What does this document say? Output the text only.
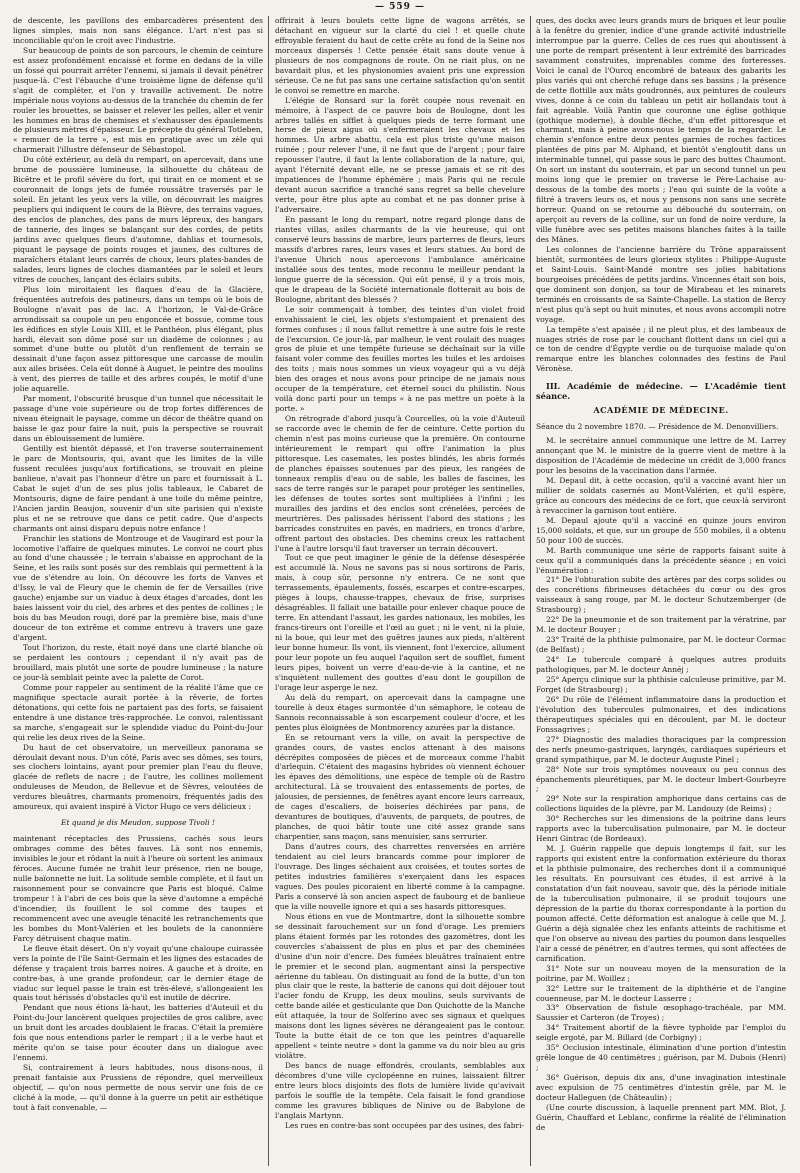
— 559 —

de descente, les pavillons des embarcadères présentent des lignes simples, mais non sans élégance. L'art n'est pas si inconciliable qu'on le croit avec l'industrie.

Sur beaucoup de points de son parcours, le chemin de ceinture est assez profondément encaissé et forme en dedans de la ville un fossé qui pourrait arrêter l'ennemi, si jamais il devait pénétrer jusque-là. C'est l'ébauche d'une troisième ligne de défense qu'il s'agit de compléter, et l'on y travaille activement. De notre impériale nous voyions au-dessus de la tranchée du chemin de fer rouler les brouettes, se baisser et relever les pelles, aller et venir les hommes en bras de chemises et s'exhausser des épaulements de plusieurs mètres d'épaisseur. Le précepte du général Totleben, « remuer de la terre », est mis en pratique avec un zèle qui charmerait l'illustre défenseur de Sébastopol.

Du côté extérieur, au delà du rempart, on apercevait, dans une brume de poussière lumineuse, la silhouette du château de Bicêtre et le profil sévère du fort, qui tirait en ce moment et se couronnait de longs jets de fumée roussâtre traversés par le soleil. En jetant les yeux vers la ville, on découvrait les maigres peupliers qui indiquent le cours de la Bièvre, des terrains vagues, des enclos de planches, des pans de murs lépreux, des hangars de tannerie, des linges se balançant sur des cordes, de petits jardins avec quelques fleurs d'automne, dahlias et tournesols, piquant le paysage de points rouges et jaunes, des cultures de maraîchers étalant leurs carrés de choux, leurs plates-bandes de salades, leurs lignes de cloches diamantées par le soleil et leurs vitres de couches, lançant des éclairs subits.

Plus loin miroitaient les flaques d'eau de la Glacière, fréquentées autrefois des patineurs, dans un temps où le bois de Boulogne n'avait pas de lac. A l'horizon, le Val-de-Grâce arrondissait sa coupole un peu engoncée et bossue, comme tous les édifices en style Louis XIII, et le Panthéon, plus élégant, plus hardi, élevait son dôme posé sur un diadème de colonnes ; au sommet d'une butte ou plutôt d'un renflement de terrain se dessinait d'une façon assez pittoresque une carcasse de moulin aux ailes brisées. Cela eût donné à Auguet, le peintre des moulins à vent, des pierres de taille et des arbres coupés, le motif d'une jolie aquarelle.

Par moment, l'obscurité brusque d'un tunnel que nécessitait le passage d'une voie supérieure ou de trop fortes différences de niveau éteignait le paysage, comme un décor de théâtre quand on baisse le gaz pour faire la nuit, puis la perspective se rouvrait dans un éblouissement de lumière.

Gentilly est bientôt dépassé, et l'on traverse souterrainement le parc de Montsouris, qui, avant que les limites de la ville fussent reculées jusqu'aux fortifications, se trouvait en pleine banlieue, n'avait pas l'honneur d'être un parc et fournissait à L. Cabat le sujet d'un de ses plus jolis tableaux, le Cabaret de Montsouris, digne de faire pendant à une toile du même peintre, l'Ancien jardin Beaujon, souvenir d'un site parisien qui n'existe plus et ne se retrouve que dans ce petit cadre. Que d'aspects charmants ont ainsi disparu depuis notre enfance !

Franchir les stations de Montrouge et de Vaugirard est pour la locomotive l'affaire de quelques minutes. Le convoi ne court plus au fond d'une chaussée ; le terrain s'abaisse en approchant de la Seine, et les rails sont posés sur des remblais qui permettent à la vue de s'étendre au loin. On découvre les forts de Vanves et d'Issy, le val de Fleury que le chemin de fer de Versailles (rive gauche) enjambe sur un viaduc à deux étages d'arcades, dont les baies laissent voir du ciel, des arbres et des pentes de collines ; le bois du bas Meudon rougi, doré par la première bise, mais d'une douceur de ton extrême et comme entrevu à travers une gaze d'argent.

Tout l'horizon, du reste, était noyé dans une clarté blanche où se perdaient les contours ; cependant il n'y avait pas de brouillard, mais plutôt une sorte de poudre lumineuse ; la nature ce jour-là semblait peinte avec la palette de Corot.

Comme pour rappeler au sentiment de la réalité l'âme que ce magnifique spectacle aurait portée à la rêverie, de fortes détonations, qui cette fois ne partaient pas des forts, se faisaient entendre à une distance très-rapprochée. Le convoi, ralentissant sa marche, s'engageait sur le splendide viaduc du Point-du-Jour qui relie les deux rives de la Seine.

Du haut de cet observatoire, un merveilleux panorama se déroulait devant nous. D'un côté, Paris avec ses dômes, ses tours, ses clochers lointains, ayant pour premier plan l'eau du fleuve, glacée de reflets de nacre ; de l'autre, les collines mollement onduleuses de Meudon, de Bellevue et de Sèvres, veloutées de verdures bleuâtres, charmants promenoirs, fréquentés jadis des amoureux, qui avaient inspiré à Victor Hugo ce vers délicieux :

Et quand je dis Meudon, suppose Tivoli !

maintenant réceptacles des Prussiens, cachés sous leurs ombrages comme des bêtes fauves. Là sont nos ennemis, invisibles le jour et rôdant la nuit à l'heure où sortent les animaux féroces. Aucune fumée ne trahit leur présence, rien ne bouge, nulle baïonnette ne luit. La solitude semble complète, et il faut un raisonnement pour se convaincre que Paris est bloqué. Calme trompeur ! à l'abri de ces bois que la sève d'automne a empêché d'incendier, ils fouillent le sol comme des taupes et recommencent avec une aveugle ténacité les retranchements que les bombes du Mont-Valérien et les boulets de la canonnière Farcy détruisent chaque matin.

Le fleuve était désert. On n'y voyait qu'une chaloupe cuirassée vers la pointe de l'île Saint-Germain et les lignes des estacades de défense y traçaient trois barres noires. A gauche et à droite, en contre-bas, à une grande profondeur, car le dernier étage de viaduc sur lequel passe le train est très-élevé, s'allongeaient les quais tout hérissés d'obstacles qu'il est inutile de décrire.

Pendant que nous étions là-haut, les batteries d'Auteuil et du Point-du-Jour lancèrent quelques projectiles de gros calibre, avec un bruit dont les arcades doublaient le fracas. C'était la première fois que nous entendions parler le rempart ; il a le verbe haut et mérite qu'on se taise pour écouter dans un dialogue avec l'ennemi.

Si, contrairement à leurs habitudes, nous disons-nous, il prenait fantaisie aux Prussiens de répondre, quel merveilleux objectif, — qu'on nous permette de nous servir une fois de ce cliché à la mode, — qu'il donne à la guerre un petit air esthétique tout à fait convenable, —

offrirait à leurs boulets cette ligne de wagons arrêtés, se détachant en vigueur sur la clarté du ciel ! et quelle chute effroyable feraient du haut de cette crête au fond de la Seine nos morceaux dispersés ! Cette pensée était sans doute venue à plusieurs de nos compagnons de route. On ne riait plus, on ne bavardait plus, et les physionomies avaient pris une expression sérieuse. Ce ne fut pas sans une certaine satisfaction qu'on sentit le convoi se remettre en marche.

L'élégie de Ronsard sur la forêt coupée nous revenait en mémoire, à l'aspect de ce pauvre bois de Boulogne, dont les arbres tallés en sifflet à quelques pieds de terre formant une herse de pieux aigus où s'enfermeraient les chevaux et les hommes. Un arbre abattu, cela est plus triste qu'une maison ruinée ; pour relever l'une, il ne faut que de l'argent ; pour faire repousser l'autre, il faut la lente collaboration de la nature, qui, ayant l'éternité devant elle, ne se presse jamais et se rit des impatiences de l'homme éphémère ; mais Paris qui ne recule devant aucun sacrifice a tranché sans regret sa belle chevelure verte, pour être plus apte au combat et ne pas donner prise à l'adversaire.

En passant le long du rempart, notre regard plonge dans de riantes villas, asiles charmants de la vie heureuse, qui ont conservé leurs bassins de marbre, leurs parterres de fleurs, leurs massifs d'arbres rares, leurs vases et leurs statues. Au bord de l'avenue Uhrich nous apercevons l'ambulance américaine installée sous des tentes, mode reconnu le meilleur pendant la longue guerre de la sécession. Qui eût pensé, il y a trois mois, que le drapeau de la Société internationale flotterait au bois de Boulogne, abritant des blessés ?

Le soir commençait à tomber, des teintes d'un violet froid envahissaient le ciel, les objets s'estompaient et prenaient des formes confuses ; il nous fallut remettre à une autre fois le reste de l'excursion. Ce jour-là, par malheur, le vent roulait des nuages gros de pluie et une tempête furieuse se déchaînait sur la ville faisant voler comme des feuilles mortes les tuiles et les ardoises des toits ; mais nous sommes un vieux voyageur qui a vu déjà bien des orages et nous avons pour principe de ne jamais nous occuper de la température, cet éternel souci du philistin. Nous voilà donc parti pour un temps « à ne pas mettre un poète à la porte. »

On rétrograde d'abord jusqu'à Courcelles, où la voie d'Auteuil se raccorde avec le chemin de fer de ceinture. Cette portion du chemin n'est pas moins curieuse que la première. On contourne intérieurement le rempart qui offre l'animation la plus pittoresque. Les casemates, les postes blindés, les abris formés de planches épaisses soutenues par des pieux, les rangées de tonneaux remplis d'eau ou de sable, les balles de fascines, les sacs de terre rangés sur le parapet pour protéger les sentinelles, les défenses de toutes sortes sont multipliées à l'infini ; les murailles des jardins et des enclos sont crénelées, percées de meurtrières. Des palissades hérissent l'abord des stations ; les barricades construites en pavés, en madriers, en troncs d'arbre, offrent partout des obstacles. Des chemins creux les rattachent l'une à l'autre lorsqu'il faut traverser un terrain découvert.

Tout ce que peut imaginer le génie de la défense désespérée est accumulé là. Nous ne savons pas si nous sortirons de Paris, mais, à coup sûr, personne n'y entrera. Ce ne sont que terrassements, épaulements, fossés, escarpes et contre-escarpes, pièges à loups, chausse-trappes, chevaux de frise, surprises désagréables. Il fallait une bataille pour enlever chaque pouce de terre. En attendant l'assaut, les gardes nationaux, les mobiles, les francs-tireurs ont l'oreille et l'œil au guet ; ni le vent, ni la pluie, ni la boue, qui leur met des guêtres jaunes aux pieds, n'altèrent leur bonne humeur. Ils vont, ils viennent, font l'exercice, allument pour leur popote un feu auquel l'aquilon sert de soufflet, fument leurs pipes, boivent un verre d'eau-de-vie à la cantine, et ne s'inquiètent nullement des gouttes d'eau dont le goupillon de l'orage leur asperge le nez.

Au delà du rempart, on apercevait dans la campagne une tourelle à deux étages surmontée d'un sémaphore, le coteau de Sannois reconnaissable à son escarpement couleur d'ocre, et les pentes plus éloignées de Montmorency azurées par la distance.

En se retournant vers la ville, on avait la perspective de grandes cours, de vastes enclos attenant à des maisons décrépites composées de pièces et de morceaux comme l'habit d'arlequin. C'étaient des magasins hybrides où viennent échouer les épaves des démolitions, une espèce de temple où de Rastro architectural. Là se trouvaient des entassements de portes, de jalousies, de persiennes, de fenêtres ayant encore leurs carreaux, de cages d'escaliers, de boiseries déchirées par pans, de devantures de boutiques, d'auvents, de parquets, de poutres, de planches, de quoi bâtir toute une cité assez grande sans charpentier, sans maçon, sans menuisier, sans serrurier.

Dans d'autres cours, des charrettes renversées en arrière tendaient au ciel leurs brancards comme pour implorer de l'ouvrage. Des linges séchaient aux croisées, et toutes sortes de petites industries familières s'exerçaient dans les espaces vagues. Des poules picoraient en liberté comme à la campagne. Paris a conservé là son ancien aspect de faubourg et de banlieue que la ville nouvelle ignore et qui a ses hasards pittoresques.

Nous étions en vue de Montmartre, dont la silhouette sombre se dessinait farouchement sur un fond d'orage. Les premiers plans étaient formés par les rotondes des gazomètres, dont les couvercles s'abaissent de plus en plus et par des cheminées d'usine d'un noir d'encre. Des fumées bleuâtres traînaient entre le premier et le second plan, augmentant ainsi la perspective aérienne du tableau. On distinguait au fond de la butte, d'un ton plus clair que le reste, la batterie de canons qui doit déjouer tout l'acier fondu de Krupp, les deux moulins, seuls survivants de cette bande ailée et gesticulante que Don Quichotte de la Manche eût attaquée, la tour de Solferino avec ses signaux et quelques maisons dont les lignes sévères ne dérangeaient pas le contour. Toute la butte était de ce ton que les peintres d'aquarelle appellent « teinte neutre » dont la gamme va du noir bleu au gris violâtre.

Des bancs de nuage effondrés, croulants, semblables aux décombres d'une ville cyclopéenne en ruines, laissaient filtrer entre leurs blocs disjoints des flots de lumière livide qu'avivait parfois le souffle de la tempête. Cela faisait le fond grandiose comme les gravures bibliques de Ninive ou de Babylone de l'anglais Martynn.

Les rues en contre-bas sont occupées par des usines, des fabri-

ques, des docks avec leurs grands murs de briques et leur poulie à la fenêtre du grenier, indice d'une grande activité industrielle interrompue par la guerre. Celles de ces rues qui aboutissent à une porte de rempart présentent à leur extrémité des barricades savamment construites, imprenables comme des forteresses. Voici le canal de l'Ourcq encombré de bateaux des gabarits les plus variés qui ont cherché refuge dans ses bassins ; la présence de cette flottille aux mâts goudronnés, aux peintures de couleurs vives, donne à ce coin du tableau un petit air hollandais tout à fait agréable. Voilà Pantin que couronne une église gothique (gothique moderne), à double flèche, d'un effet pittoresque et charmant, mais à peine avons-nous le temps de la regarder. Le chemin s'enfonce entre deux pentes garnies de roches factices plantées de pins par M. Alphand, et bientôt s'engloutit dans un interminable tunnel, qui passe sous le parc des buttes Chaumont. On sort un instant du souterrain, et par un second tunnel un peu moins long que le premier on traverse le Père-Lachaise au-dessous de la tombe des morts ; l'eau qui suinte de la voûte a filtré à travers leurs os, et nous y pensons non sans une secrète horreur. Quand on se retourne au débouché du souterrain, on aperçoit au revers de la colline, sur un fond de noire verdure, la ville funèbre avec ses petites maisons blanches faites à la taille des Mânes.

Les colonnes de l'ancienne barrière du Trône apparaissent bientôt, surmontées de leurs glorieux stylites : Philippe-Auguste et Saint-Louis. Saint-Mandé montre ses jolies habitations bourgeoises précédées de petits jardins. Vincennes était son bois, que dominent son donjon, sa tour de Mirabeau et les minarets terminés en croissants de sa Sainte-Chapelle. La station de Bercy n'est plus qu'à sept ou huit minutes, et nous avons accompli notre voyage.

La tempête s'est apaisée ; il ne pleut plus, et des lambeaux de nuages striés de rose par le couchant flottent dans un ciel qui a ce ton de cendre d'Égypte verdie ou de turquoise malade qu'on remarque entre les blanches colonnades des festins de Paul Véronèse.

III. Académie de médecine. — L'Académie tient séance.

ACADÉMIE DE MÉDECINE.

Séance du 2 novembre 1870. — Présidence de M. Denonvilliers.

M. le secrétaire annuel communique une lettre de M. Larrey annonçant que M. le ministre de la guerre vient de mettre à la disposition de l'Académie de médecine un crédit de 3,000 francs pour les besoins de la vaccination dans l'armée.

M. Depaul dit, à cette occasion, qu'il a vacciné avant hier un millier de soldats casernés au Mont-Valérien, et qu'il espère, grâce au concours des médecins de ce fort, que ceux-là serviront à revacciner la garnison tout entière.

M. Depaul ajoute qu'il a vacciné en quinze jours environ 15,000 soldats, et que, sur un groupe de 550 mobiles, il a obtenu 50 pour 100 de succès.

M. Barth communique une série de rapports faisant suite à ceux qu'il a communiqués dans la précédente séance ; en voici l'énumération :

21° De l'obturation subite des artères par des corps solides ou des concrétions fibrineuses détachées du cœur ou des gros vaisseaux à sang rouge, par M. le docteur Schutzemberger (de Strasbourg) ;

22° De la pneumonie et de son traitement par la vératrine, par M. le docteur Bouyer ;

23° Traité de la phthisie pulmonaire, par M. le docteur Cormac (de Belfast) ;

24° Le tubercule comparé à quelques autres produits pathologiques, par M. le docteur Annéj ;

25° Aperçu clinique sur la phthisie calculeuse primitive, par M. Forget (de Strasbourg) ;

26° Du rôle de l'élément inflammatoire dans la production et l'évolution des tubercules pulmonaires, et des indications thérapeutiques spéciales qui en découlent, par M. le docteur Fonssagrives ;

27° Diagnostic des maladies thoraciques par la compression des nerfs pneumo-gastriques, laryngés, cardiaques supérieurs et grand sympathique, par M. le docteur Auguste Pinel ;

28° Note sur trois symptômes nouveaux ou peu connus des épanchements pleurétiques, par M. le docteur Imbert-Gourbeyre ;

29° Note sur la respiration amphorique dans certains cas de collections liquides de la plèvre, par M. Landouzy (de Reims) ;

30° Recherches sur les dimensions de la poitrine dans leurs rapports avec la tuberculisation pulmonaire, par M. le docteur Henri Gintrac (de Bordeaux).

M. J. Guérin rappelle que depuis longtemps il fait, sur les rapports qui existent entre la conformation extérieure du thorax et la phthisie pulmonaire, des recherches dont il a communiqué les résultats. En poursuivant ces études, il est arrivé à la constatation d'un fait nouveau, savoir que, dès la période initiale de la tuberculisation pulmonaire, il se produit toujours une dépression de la partie du thorax correspondante à la portion du poumon affecté. Cette déformation est analogue à celle que M. J. Guérin a déjà signalée chez les enfants atteints de rachitisme et que l'on observe au niveau des parties du poumon dans lesquelles l'air a cessé de pénétrer, en d'autres termes, qui sont affectées de carnification.

31° Note sur un nouveau moyen de la mensuration de la poitrine, par M. Woillez ;

32° Lettre sur le traitement de la diphthérie et de l'angine couenneuse, par M. le docteur Lasserre ;

33° Observation de fistule œsophago-trachéale, par MM. Saussier et Carteron (de Troyes) ;

34° Traitement abortif de la fièvre typhoïde par l'emploi du seigle ergoté, par M. Billard (de Corbigny) ;

35° Occlusion intestinale, élimination d'une portion d'intestin grêle longue de 40 centimètres ; guérison, par M. Dubois (Henri) ;

36° Guérison, depuis dix ans, d'une invagination intestinale avec expulsion de 75 centimètres d'intestin grêle, par M. le docteur Halleguen (de Châteaulin) ;

(Une courte discussion, à laquelle prennent part MM. Blot, J. Guérin, Chauffard et Leblanc, confirme la réalité de l'élimination de
